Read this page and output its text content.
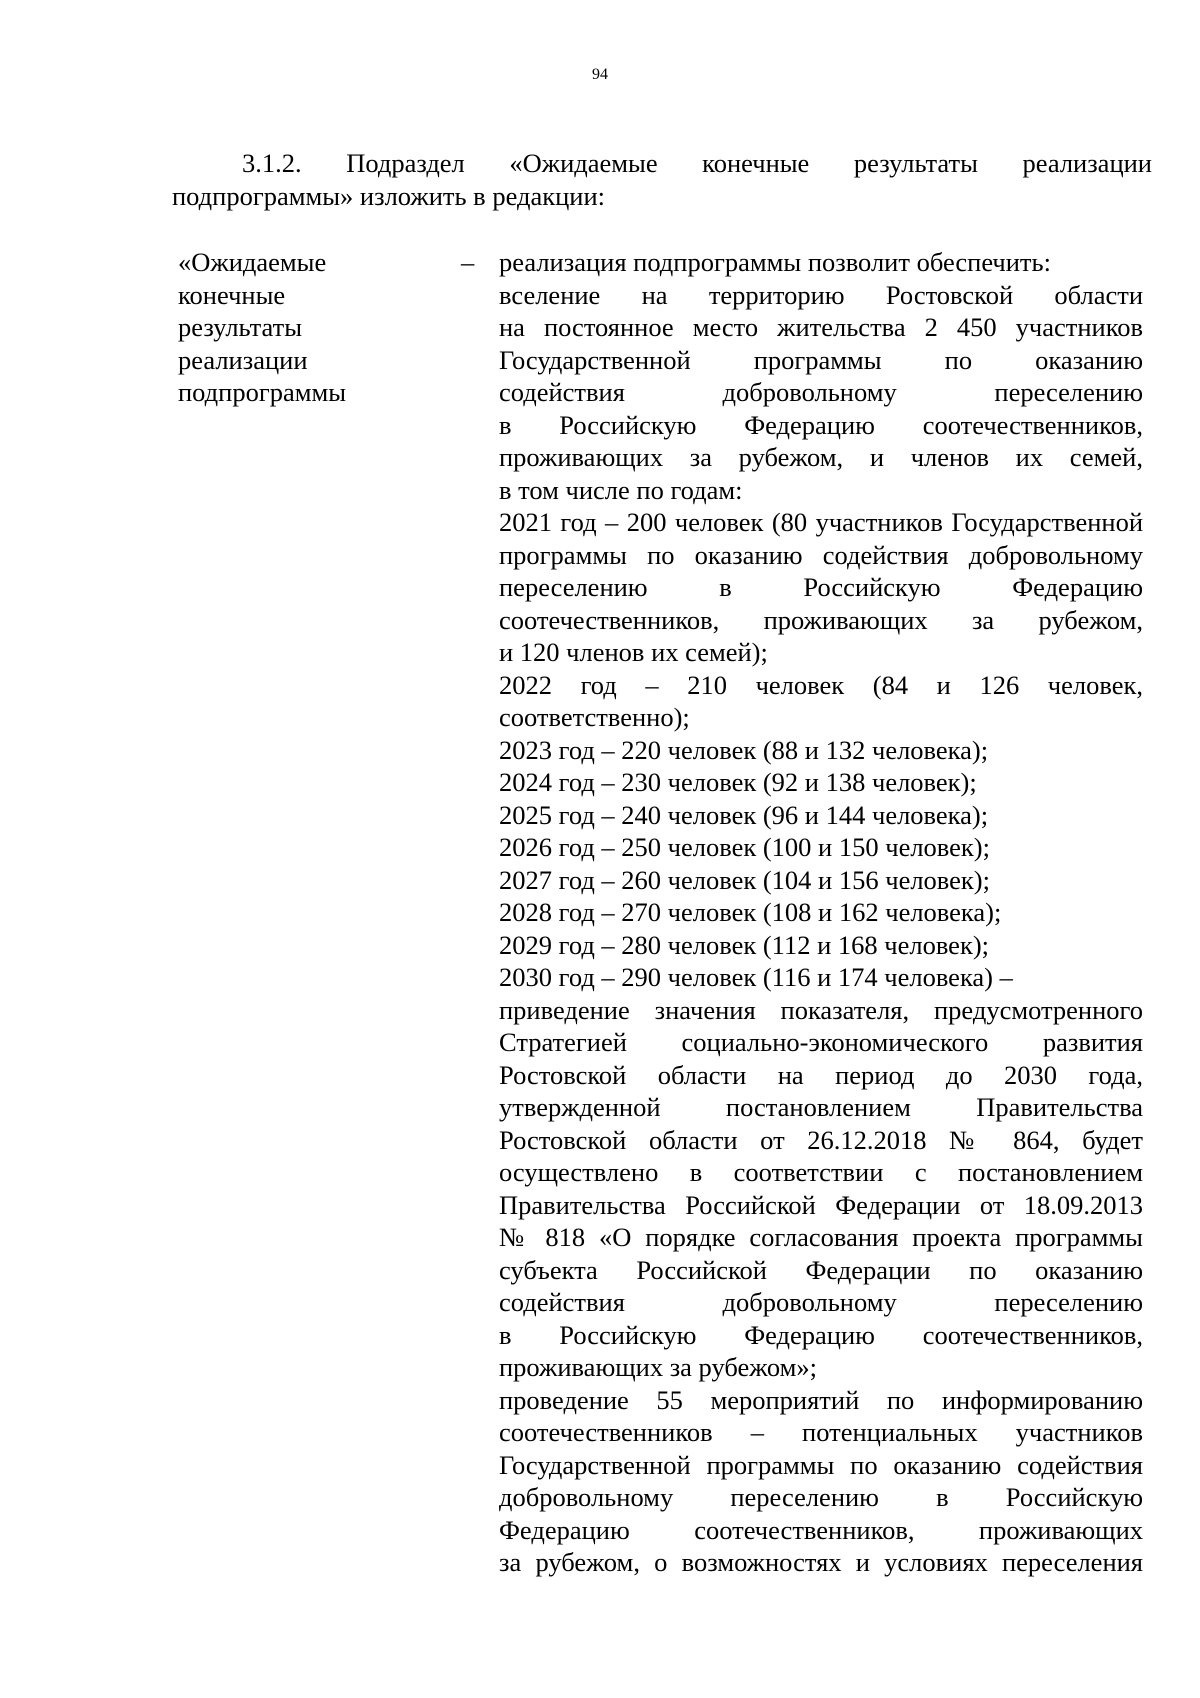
94

3.1.2. Подраздел «Ожидаемые конечные результаты реализации

подпрограммы» изложить в редакции:
«Ожидаемые
конечные
результаты
реализации
подпрограммы
– реализация подпрограммы позволит обеспечить:
вселение на территорию Ростовской области
на постоянное место жительства 2 450 участников
Государственной программы по оказанию
содействия добровольному переселению
в Российскую Федерацию соотечественников,
проживающих за рубежом, и членов их семей,
в том числе по годам:
2021 год – 200 человек (80 участников Государственной
программы по оказанию содействия добровольному
переселению в Российскую Федерацию
соотечественников, проживающих за рубежом,
и 120 членов их семей);
2022 год – 210 человек (84 и 126 человек,
соответственно);
2023 год – 220 человек (88 и 132 человека);
2024 год – 230 человек (92 и 138 человек);
2025 год – 240 человек (96 и 144 человека);
2026 год – 250 человек (100 и 150 человек);
2027 год – 260 человек (104 и 156 человек);
2028 год – 270 человек (108 и 162 человека);
2029 год – 280 человек (112 и 168 человек);
2030 год – 290 человек (116 и 174 человека) –
приведение значения показателя, предусмотренного
Стратегией социально-экономического развития
Ростовской области на период до 2030 года,
утвержденной постановлением Правительства
Ростовской области от 26.12.2018 № 864, будет
осуществлено в соответствии с постановлением
Правительства Российской Федерации от 18.09.2013
№ 818 «О порядке согласования проекта программы
субъекта Российской Федерации по оказанию
содействия добровольному переселению
в Российскую Федерацию соотечественников,
проживающих за рубежом»;
проведение 55 мероприятий по информированию
соотечественников – потенциальных участников
Государственной программы по оказанию содействия
добровольному переселению в Российскую
Федерацию соотечественников, проживающих
за рубежом, о возможностях и условиях переселения
